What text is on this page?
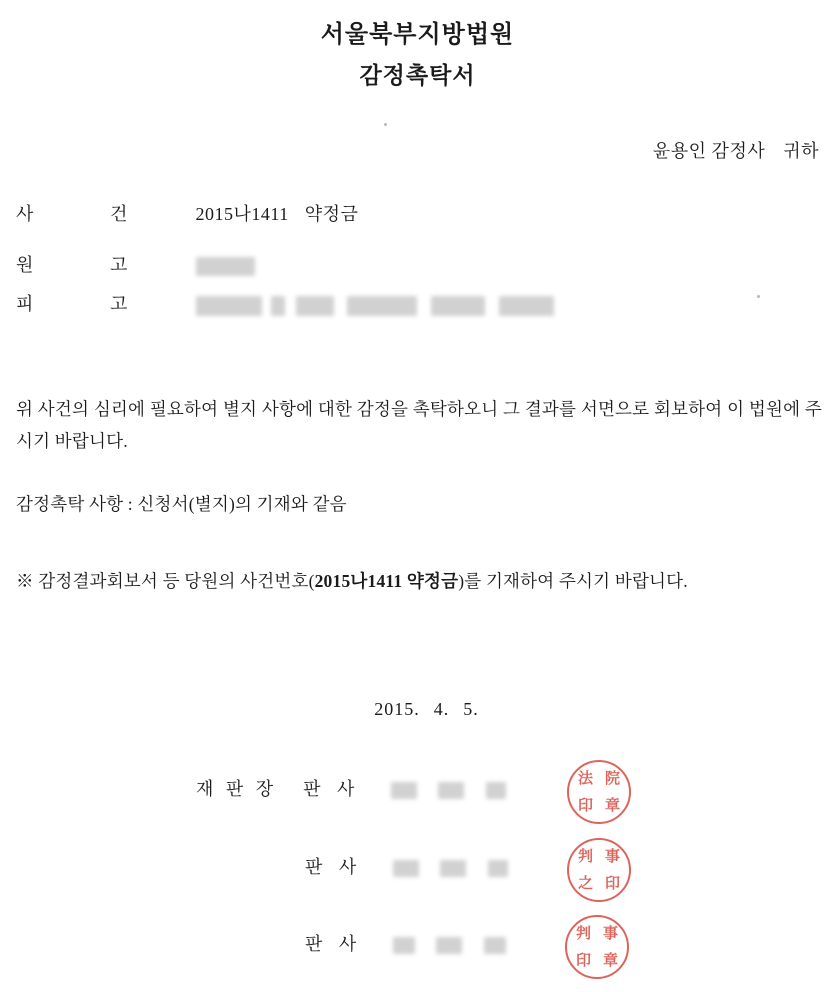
서울북부지방법원
감정촉탁서
윤용인 감정사 귀하
사	건	2015나1411 약정금
원	고
피	고
위 사건의 심리에 필요하여 별지 사항에 대한 감정을 촉탁하오니 그 결과를 서면으로 회보하여 이 법원에 주시기 바랍니다.
감정촉탁 사항 : 신청서(별지)의 기재와 같음
※ 감정결과회보서 등 당원의 사건번호(2015나1411 약정금)를 기재하여 주시기 바랍니다.
2015. 4. 5.
재 판 장 판 사
판 사
판 사
法 院
印 章
判 事
之 印
判 事
印 章
